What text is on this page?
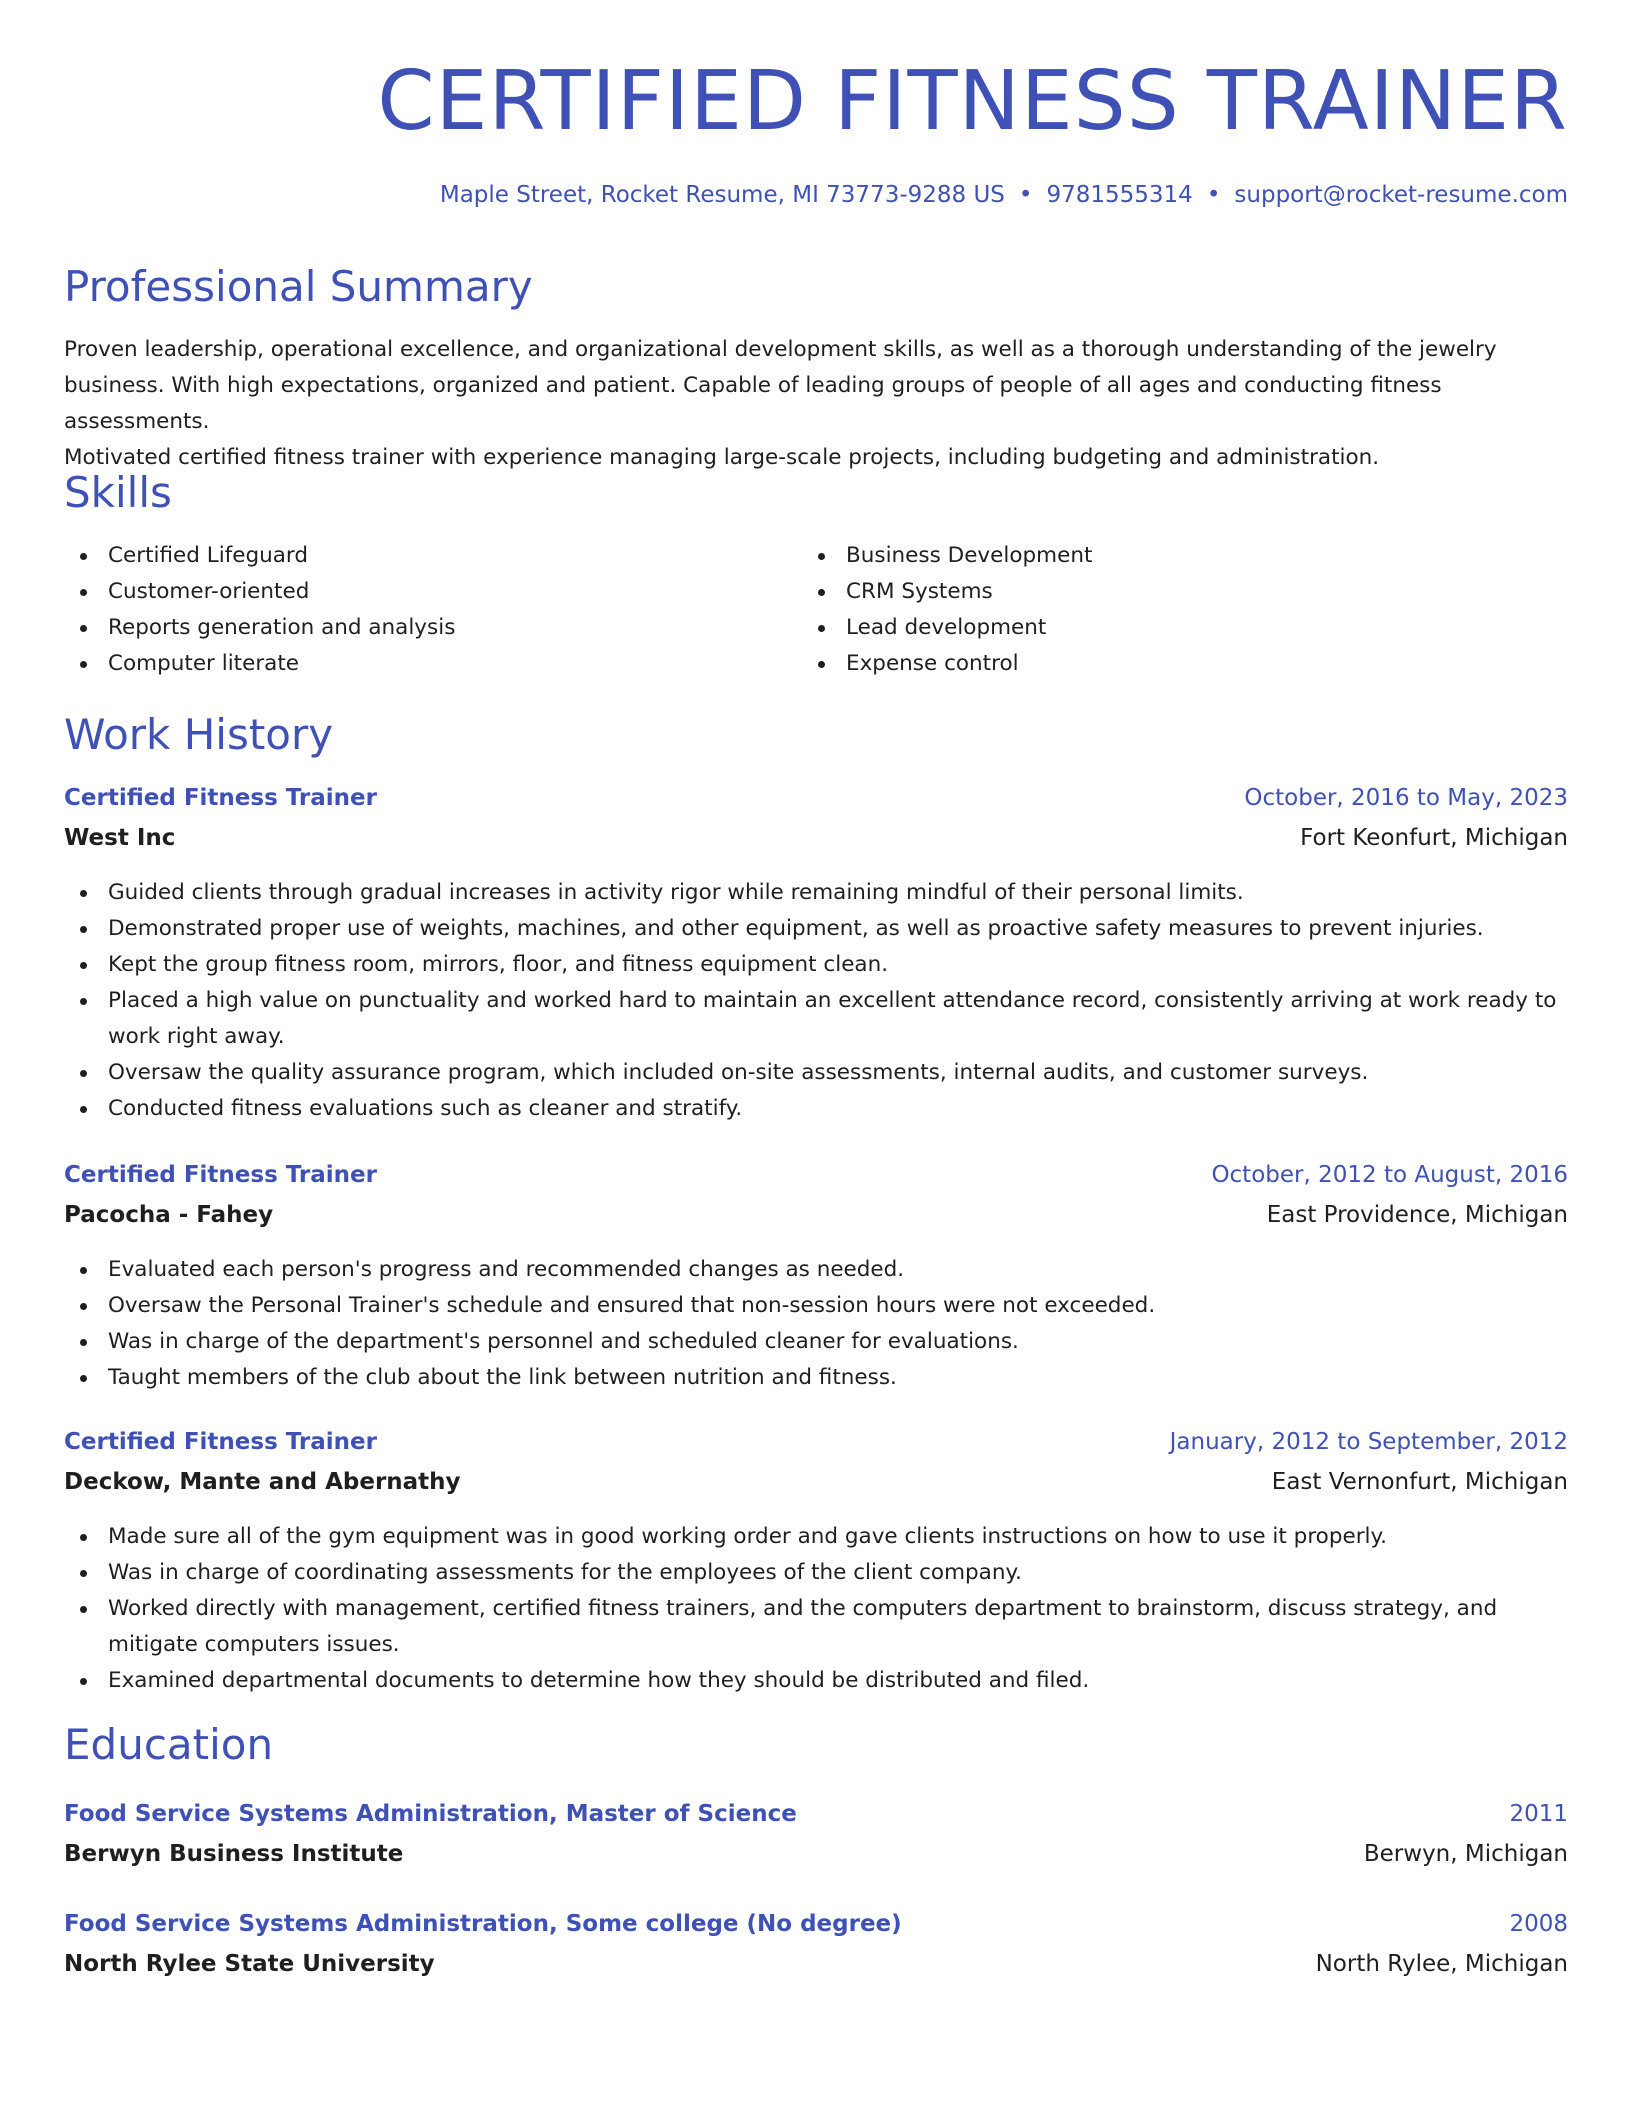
CERTIFIED FITNESS TRAINER
Maple Street, Rocket Resume, MI 73773-9288 US • 9781555314 • support@rocket-resume.com
Professional Summary
Proven leadership, operational excellence, and organizational development skills, as well as a thorough understanding of the jewelry
business. With high expectations, organized and patient. Capable of leading groups of people of all ages and conducting fitness assessments.
Motivated certified fitness trainer with experience managing large-scale projects, including budgeting and administration.
Skills
Certified Lifeguard
Customer-oriented
Reports generation and analysis
Computer literate
Business Development
CRM Systems
Lead development
Expense control
Work History
Certified Fitness Trainer	October, 2016 to May, 2023
West Inc	Fort Keonfurt, Michigan
Guided clients through gradual increases in activity rigor while remaining mindful of their personal limits.
Demonstrated proper use of weights, machines, and other equipment, as well as proactive safety measures to prevent injuries.
Kept the group fitness room, mirrors, floor, and fitness equipment clean.
Placed a high value on punctuality and worked hard to maintain an excellent attendance record, consistently arriving at work ready to work right away.
Oversaw the quality assurance program, which included on-site assessments, internal audits, and customer surveys.
Conducted fitness evaluations such as cleaner and stratify.
Certified Fitness Trainer	October, 2012 to August, 2016
Pacocha - Fahey	East Providence, Michigan
Evaluated each person's progress and recommended changes as needed.
Oversaw the Personal Trainer's schedule and ensured that non-session hours were not exceeded.
Was in charge of the department's personnel and scheduled cleaner for evaluations.
Taught members of the club about the link between nutrition and fitness.
Certified Fitness Trainer	January, 2012 to September, 2012
Deckow, Mante and Abernathy	East Vernonfurt, Michigan
Made sure all of the gym equipment was in good working order and gave clients instructions on how to use it properly.
Was in charge of coordinating assessments for the employees of the client company.
Worked directly with management, certified fitness trainers, and the computers department to brainstorm, discuss strategy, and mitigate computers issues.
Examined departmental documents to determine how they should be distributed and filed.
Education
Food Service Systems Administration, Master of Science	2011
Berwyn Business Institute	Berwyn, Michigan
Food Service Systems Administration, Some college (No degree)	2008
North Rylee State University	North Rylee, Michigan
